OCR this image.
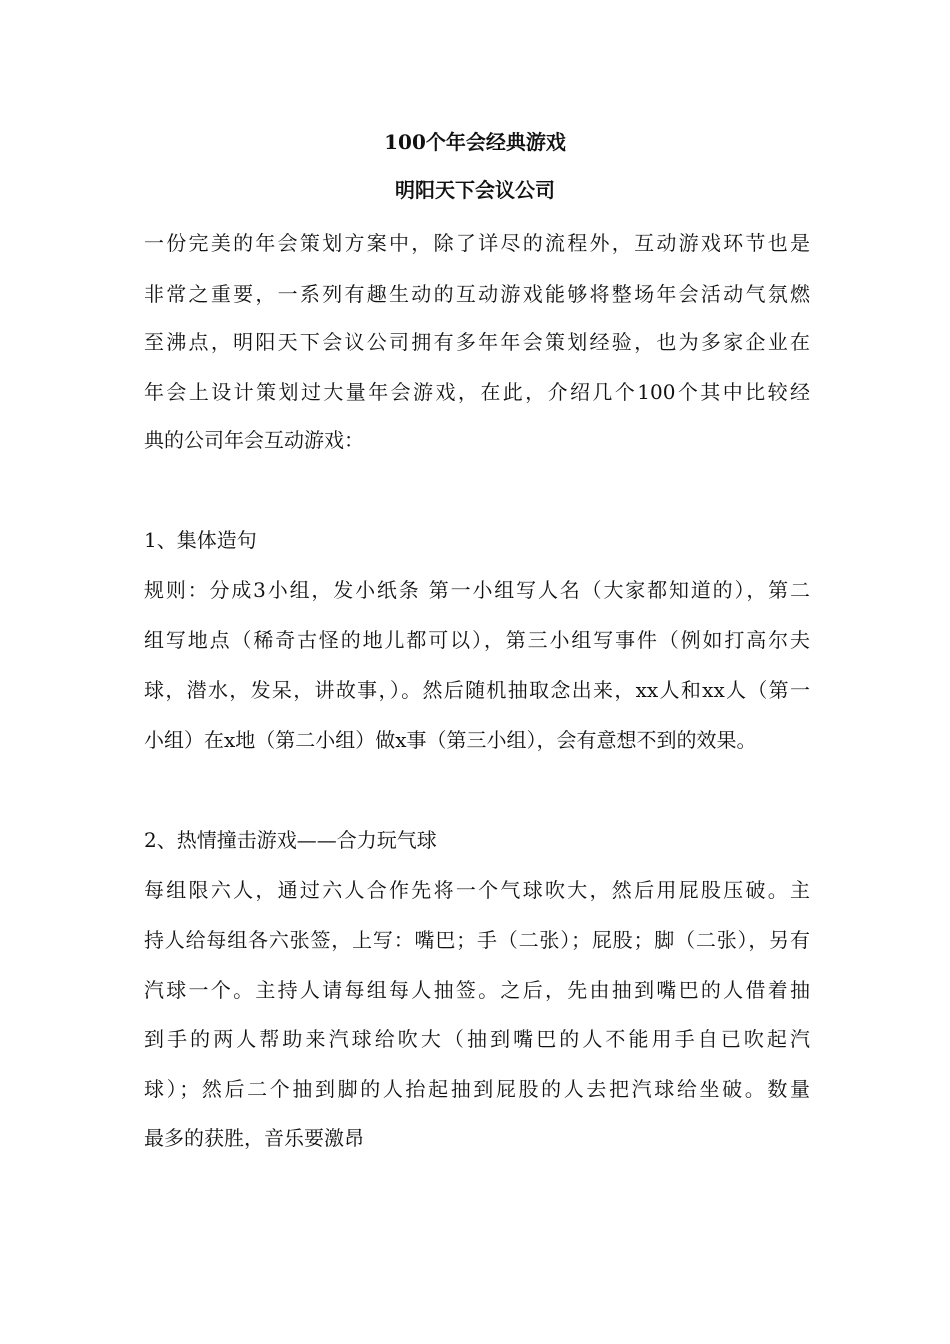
100个年会经典游戏
明阳天下会议公司

一份完美的年会策划方案中，除了详尽的流程外，互动游戏环节也是

非常之重要，一系列有趣生动的互动游戏能够将整场年会活动气氛燃

至沸点，明阳天下会议公司拥有多年年会策划经验，也为多家企业在

年会上设计策划过大量年会游戏，在此，介绍几个100个其中比较经

典的公司年会互动游戏：

1、集体造句

规则：分成3小组，发小纸条 第一小组写人名（大家都知道的），第二

组写地点（稀奇古怪的地儿都可以），第三小组写事件（例如打高尔夫

球，潜水，发呆，讲故事，）。然后随机抽取念出来，xx人和xx人（第一

小组）在x地（第二小组）做x事（第三小组），会有意想不到的效果。

2、热情撞击游戏——合力玩气球

每组限六人，通过六人合作先将一个气球吹大，然后用屁股压破。主

持人给每组各六张签，上写：嘴巴；手（二张）；屁股；脚（二张），另有

汽球一个。主持人请每组每人抽签。之后，先由抽到嘴巴的人借着抽

到手的两人帮助来汽球给吹大（抽到嘴巴的人不能用手自已吹起汽

球）；然后二个抽到脚的人抬起抽到屁股的人去把汽球给坐破。数量

最多的获胜，音乐要激昂
